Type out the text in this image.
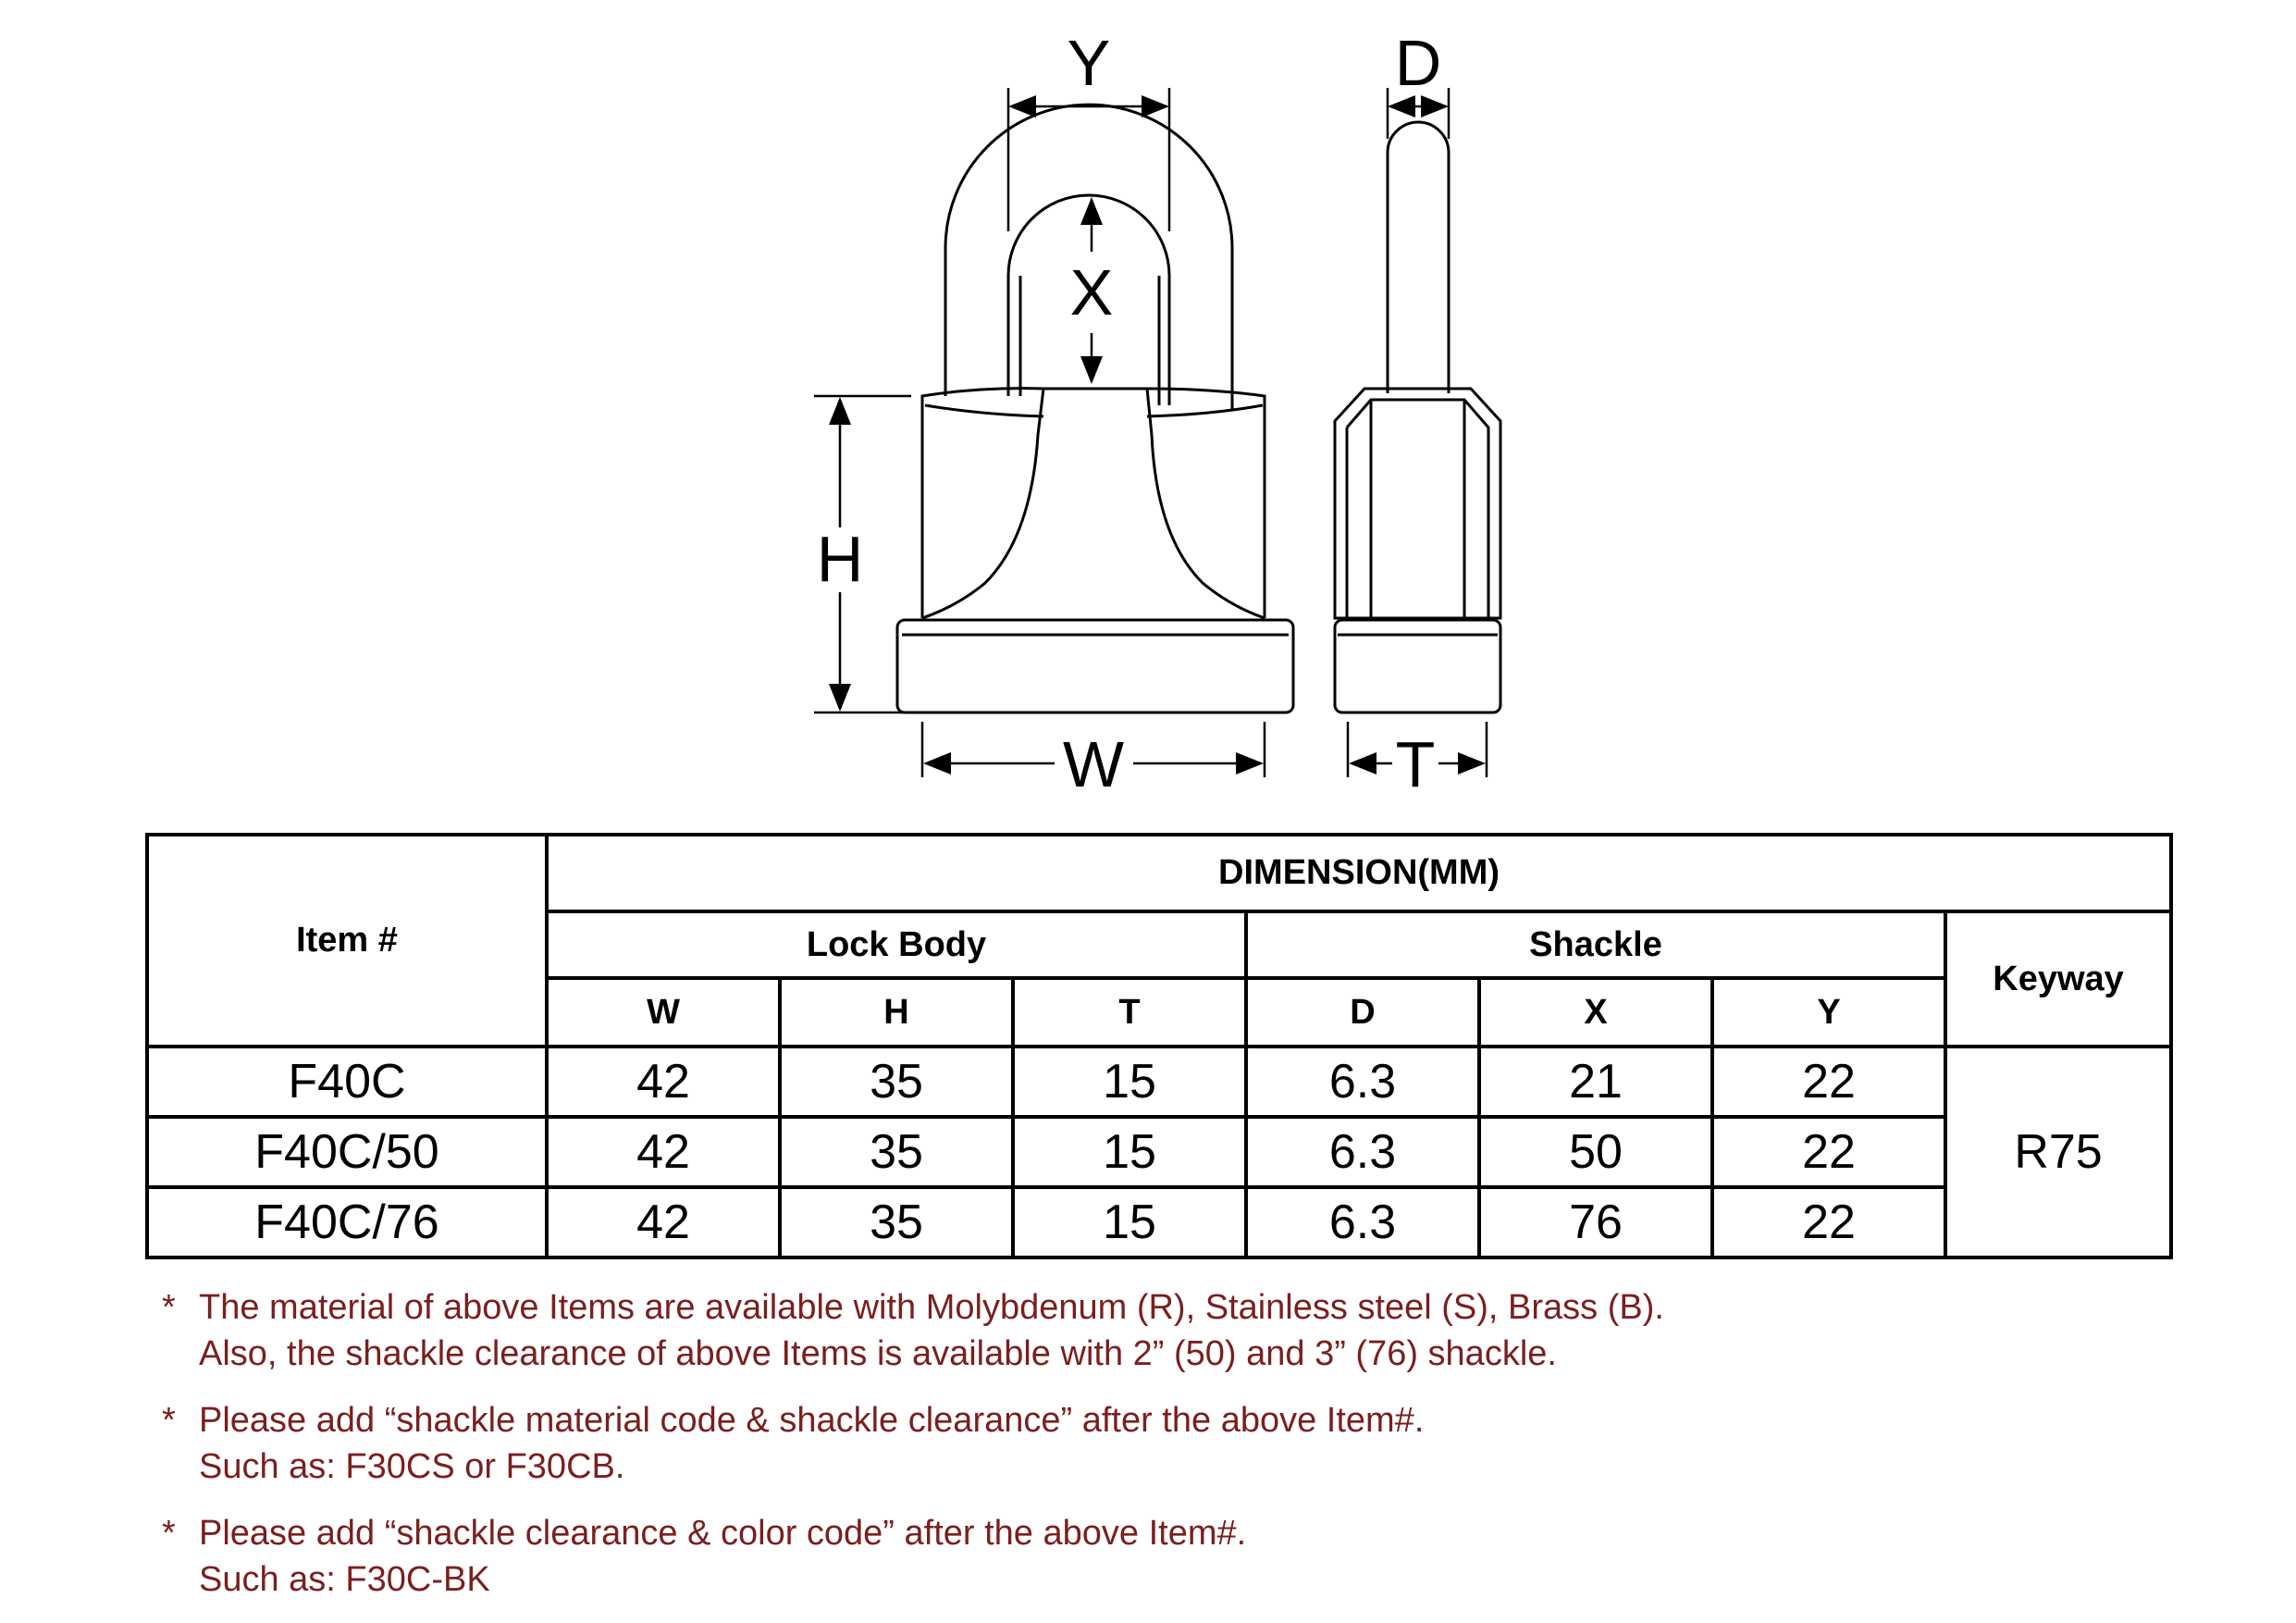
Y	D
X
H
W	T
Item #	DIMENSION(MM)						
	Lock Body			Shackle			Keyway
	W	H	T	D	X	Y	
F40C	42	35	15	6.3	21	22	R75
F40C/50	42	35	15	6.3	50	22	
F40C/76	42	35	15	6.3	76	22	
* The material of above Items are available with Molybdenum (R), Stainless steel (S), Brass (B).
Also, the shackle clearance of above Items is available with 2” (50) and 3” (76) shackle.
* Please add “shackle material code & shackle clearance” after the above Item#.
Such as: F30CS or F30CB.
* Please add “shackle clearance & color code” after the above Item#.
Such as: F30C-BK
